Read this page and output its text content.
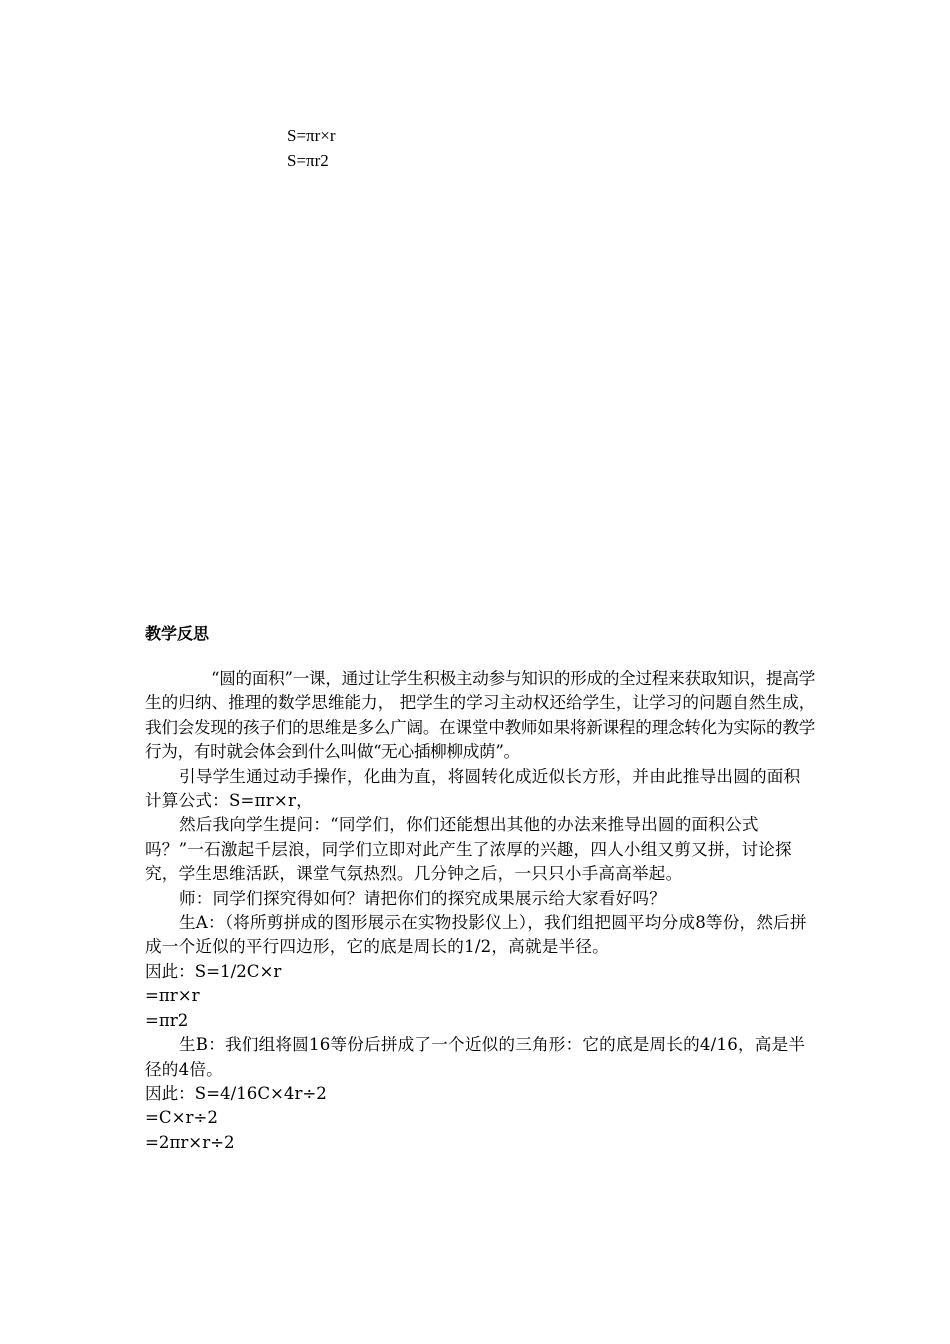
S=πr×r
S=πr2
教学反思

“圆的面积”一课，通过让学生积极主动参与知识的形成的全过程来获取知识，提高学生的归纳、推理的数学思维能力， 把学生的学习主动权还给学生，让学习的问题自然生成，我们会发现的孩子们的思维是多么广阔。在课堂中教师如果将新课程的理念转化为实际的教学行为，有时就会体会到什么叫做“无心插柳柳成荫”。

引导学生通过动手操作，化曲为直，将圆转化成近似长方形，并由此推导出圆的面积计算公式：S=πr×r，

然后我向学生提问：“同学们，你们还能想出其他的办法来推导出圆的面积公式吗？”一石激起千层浪，同学们立即对此产生了浓厚的兴趣，四人小组又剪又拼，讨论探究，学生思维活跃，课堂气氛热烈。几分钟之后，一只只小手高高举起。

师：同学们探究得如何？请把你们的探究成果展示给大家看好吗？

生A：（将所剪拼成的图形展示在实物投影仪上），我们组把圆平均分成8等份，然后拼成一个近似的平行四边形，它的底是周长的1/2，高就是半径。

因此：S=1/2C×r

=πr×r

=πr2

生B：我们组将圆16等份后拼成了一个近似的三角形：它的底是周长的4/16，高是半径的4倍。

因此：S=4/16C×4r÷2

=C×r÷2

=2πr×r÷2
